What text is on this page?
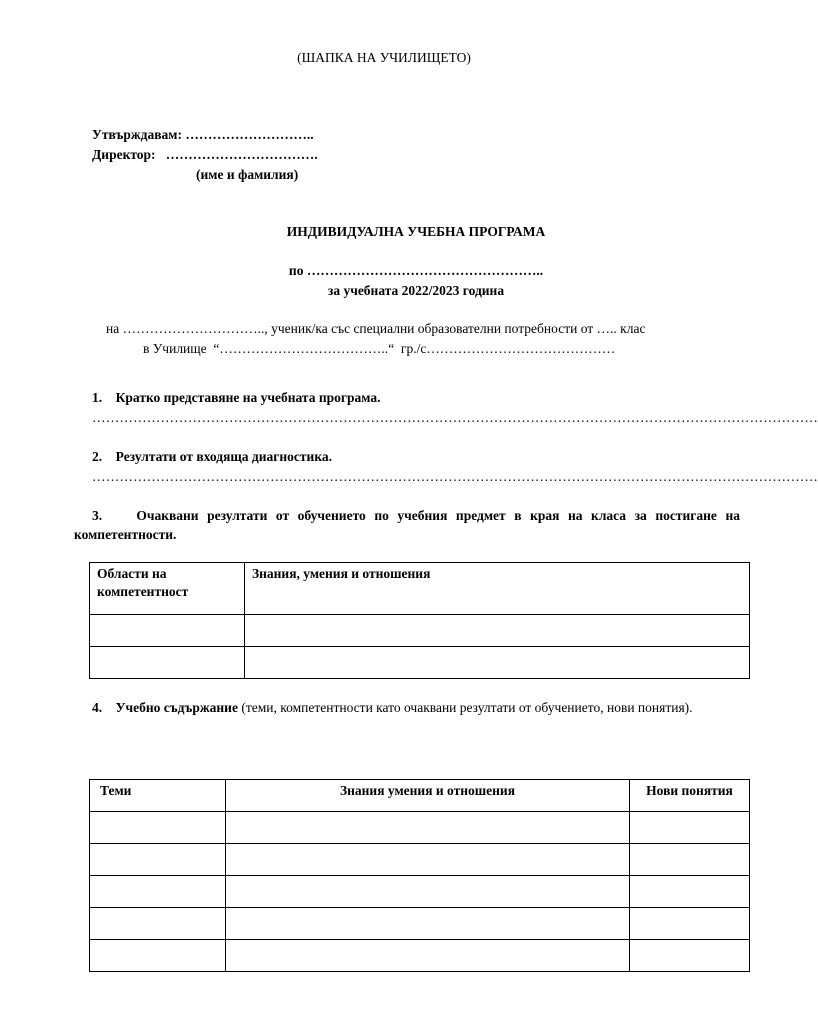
(ШАПКА НА УЧИЛИЩЕТО)
Утвърждавам: ………………………..
Директор: …………………………….
(име и фамилия)
ИНДИВИДУАЛНА УЧЕБНА ПРОГРАМА
по ……………………………………………..
за учебната 2022/2023 година
на ………………………….., ученик/ка със специални образователни потребности от ….. клас
в Училище “………………………………..“ гр./с……………………………………
1. Кратко представяне на учебната програма.
……………………………………………………………………………………………………………………………………………
2. Резултати от входяща диагностика.
……………………………………………………………………………………………………………………………………………
3.	Очаквани резултати от обучението по учебния предмет в края на класа за постигане на компетентности.
Области на компетентност	Знания, умения и отношения

4. Учебно съдържание (теми, компетентности като очаквани резултати от обучението, нови понятия).
Теми	Знания умения и отношения	Нови понятия
